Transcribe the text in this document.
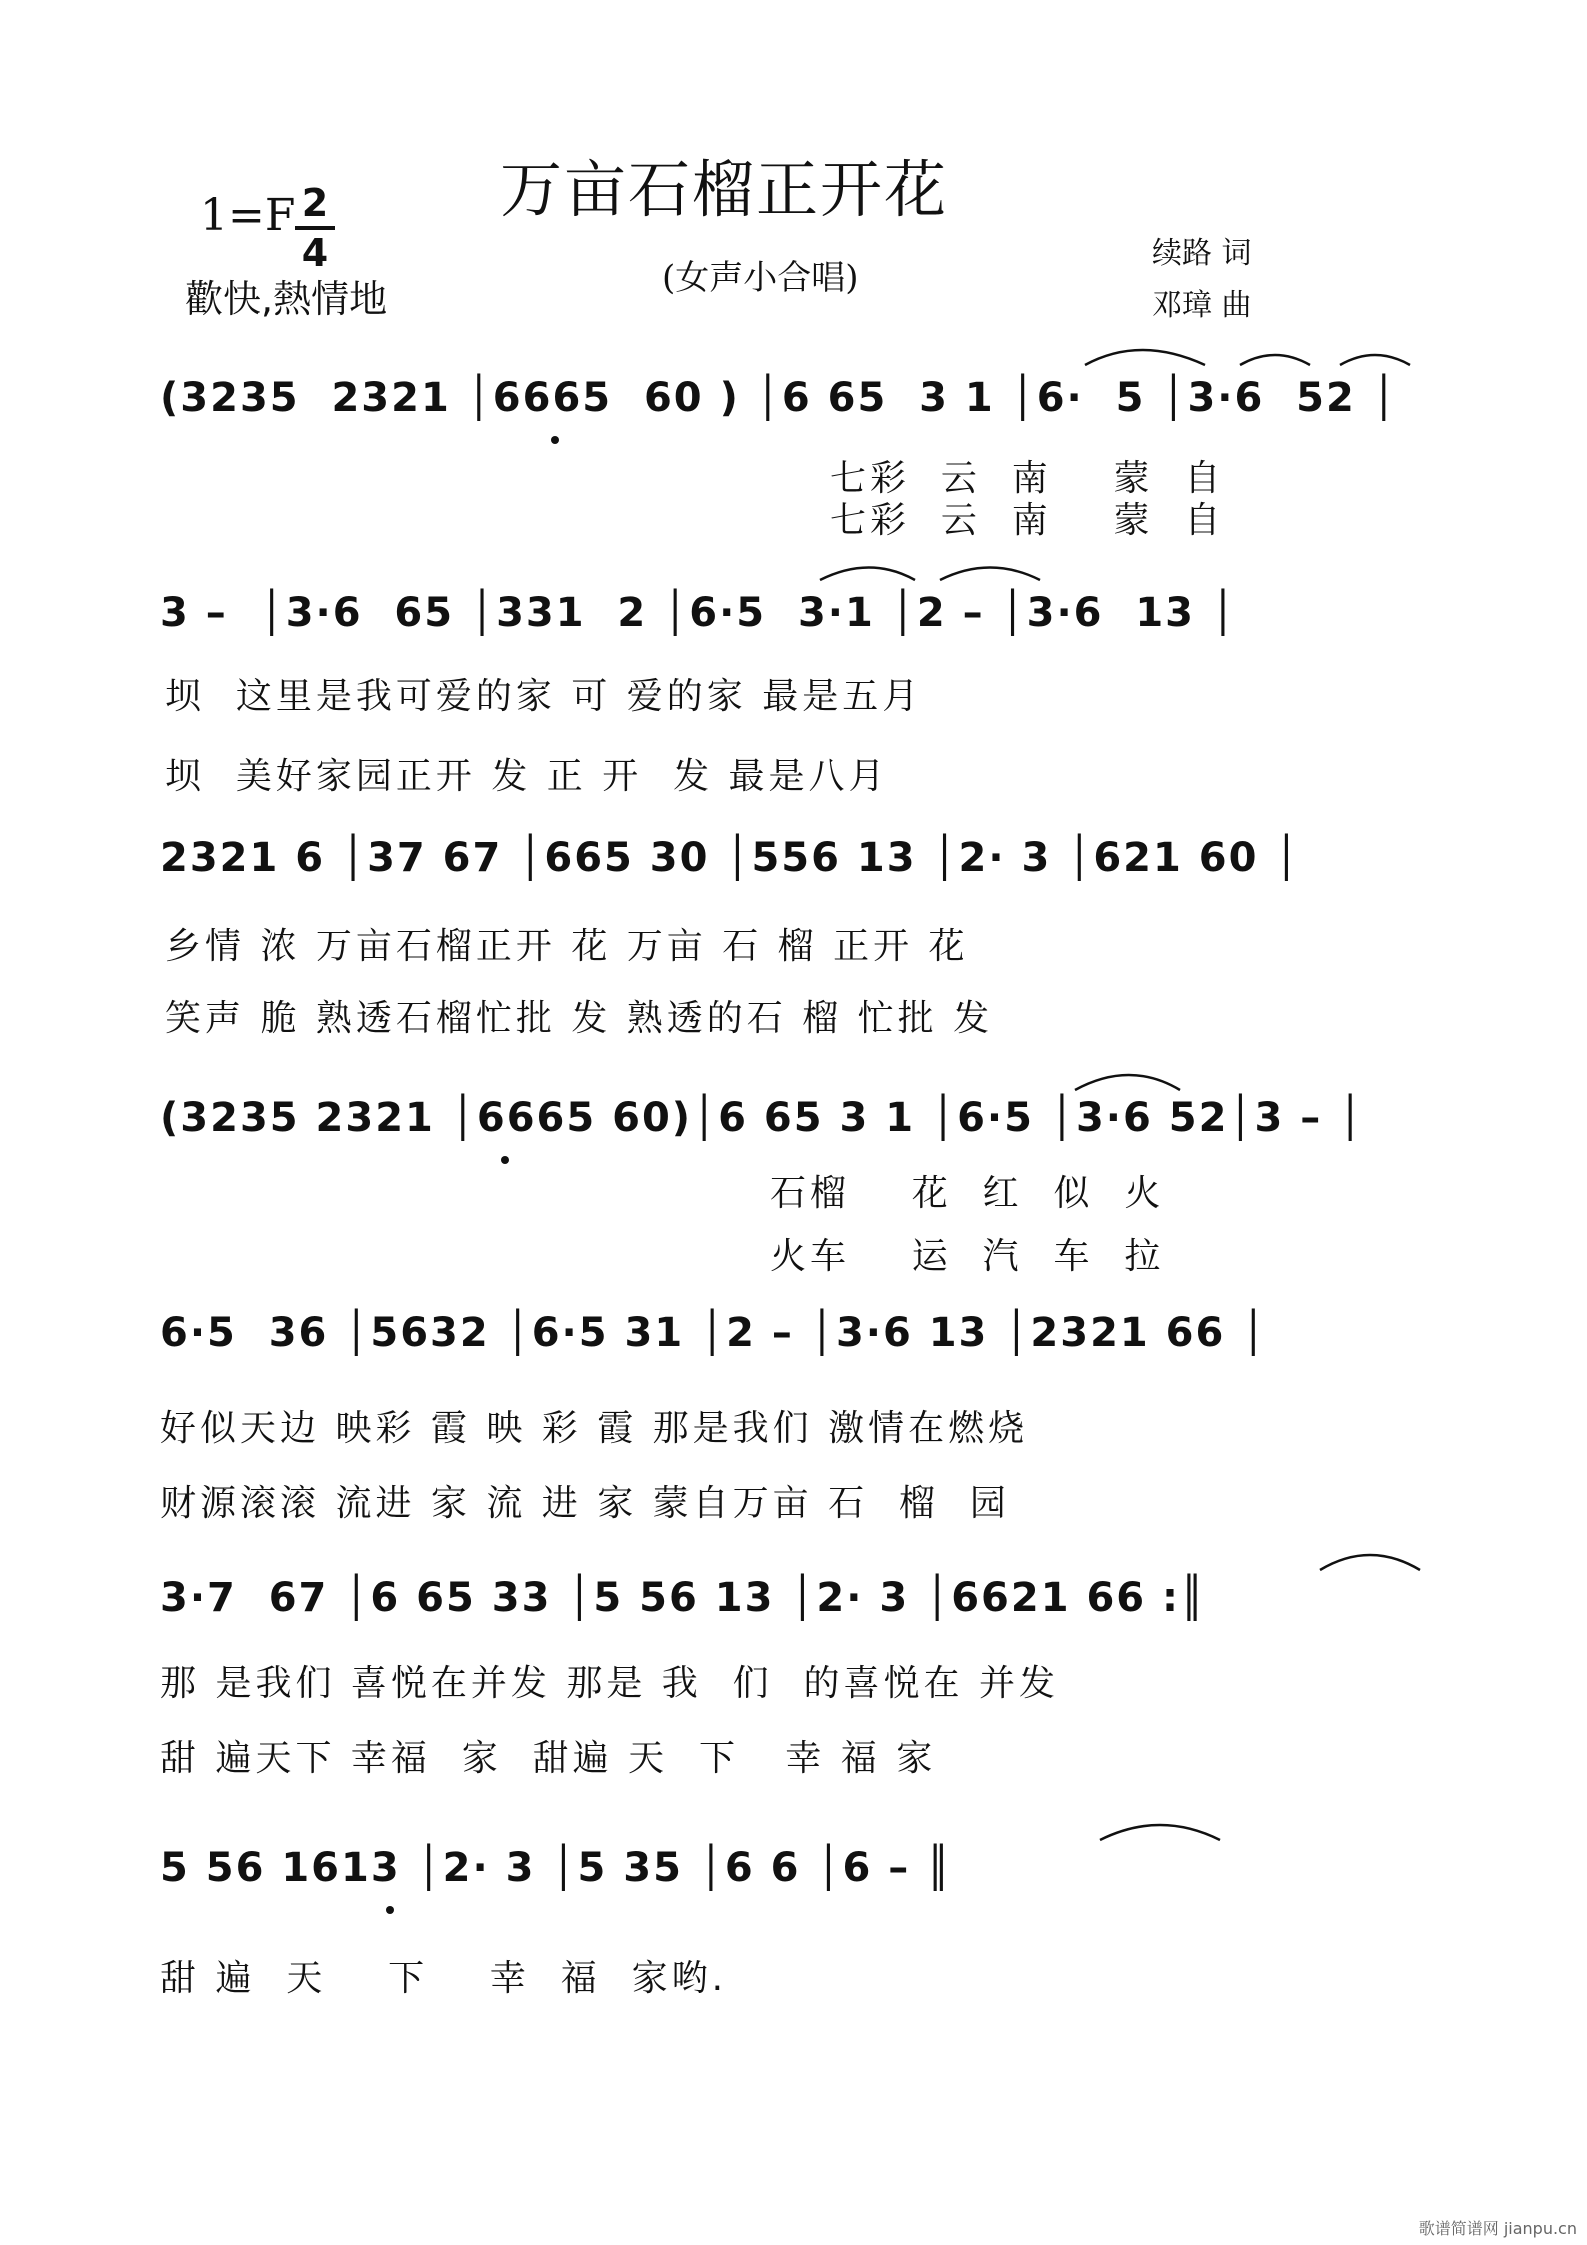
万亩石榴正开花
(女声小合唱)
1=F 2
4
歡快,熱情地
续路 词
邓璋 曲
(3235  2321 │6665  60 ) │6 65  3 1 │6·  5 │3·6  52 │
七彩  云  南    蒙  自
七彩  云  南    蒙  自
3 –  │3·6  65 │331  2 │6·5  3·1 │2 – │3·6  13 │
坝  这里是我可爱的家 可 爱的家 最是五月
坝  美好家园正开 发 正 开  发 最是八月
2321 6 │37 67 │665 30 │556 13 │2· 3 │621 60 │
乡情 浓 万亩石榴正开 花 万亩 石 榴 正开 花
笑声 脆 熟透石榴忙批 发 熟透的石 榴 忙批 发
(3235 2321 │6665 60)│6 65 3 1 │6·5 │3·6 52│3 – │
石榴    花  红  似  火
火车    运  汽  车  拉
6·5  36 │5632 │6·5 31 │2 – │3·6 13 │2321 66 │
好似天边 映彩 霞 映 彩 霞 那是我们 激情在燃烧
财源滚滚 流进 家 流 进 家 蒙自万亩 石  榴  园
3·7  67 │6 65 33 │5 56 13 │2· 3 │6621 66 :║
那 是我们 喜悦在并发 那是 我  们  的喜悦在 并发
甜 遍天下 幸福  家  甜遍 天  下   幸 福 家
5 56 1613 │2· 3 │5 35 │6 6 │6 – ║
甜 遍  天    下    幸  福  家哟.
歌谱简谱网 jianpu.cn
